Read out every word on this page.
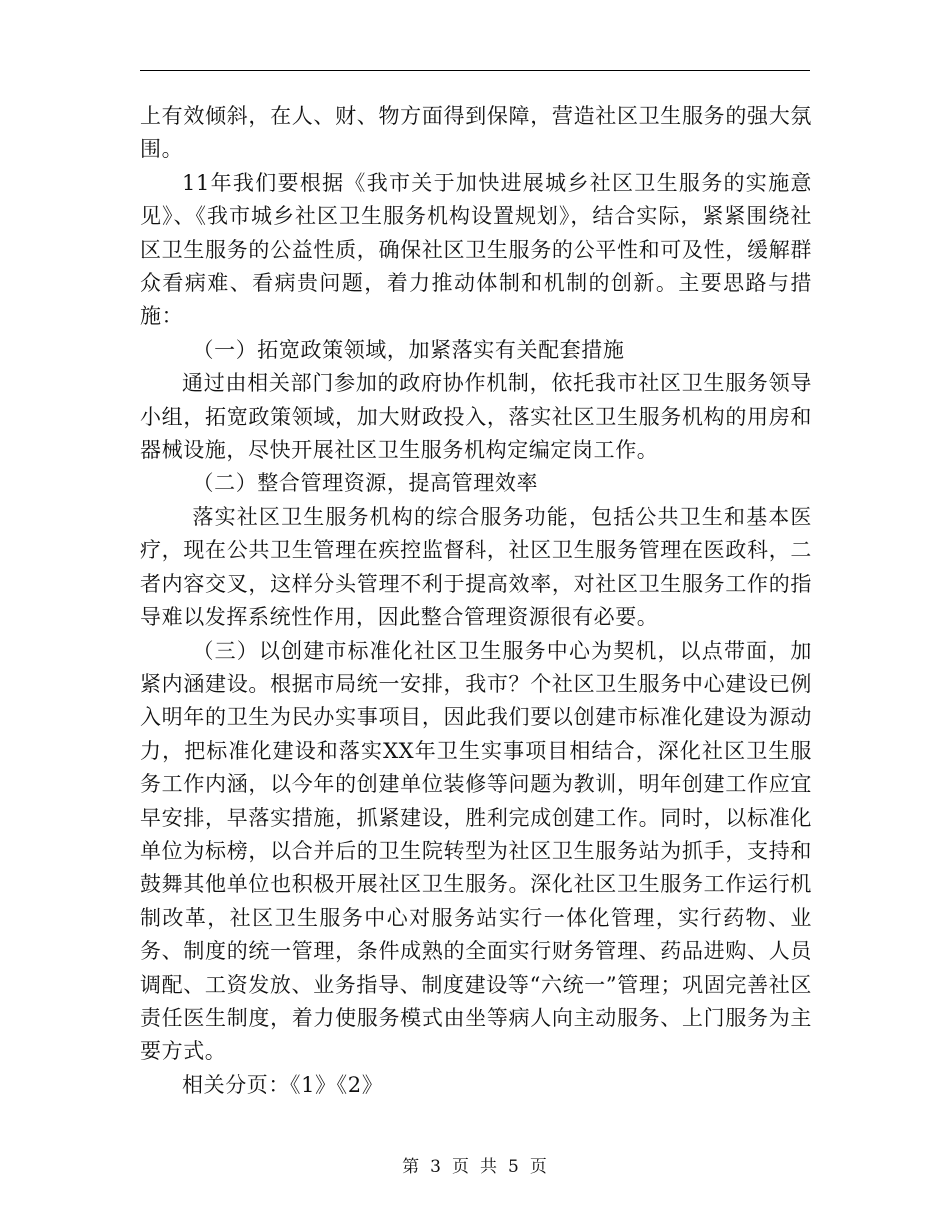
上有效倾斜，在人、财、物方面得到保障，营造社区卫生服务的强大氛围。

11年我们要根据《我市关于加快进展城乡社区卫生服务的实施意见》、《我市城乡社区卫生服务机构设置规划》，结合实际，紧紧围绕社区卫生服务的公益性质，确保社区卫生服务的公平性和可及性，缓解群众看病难、看病贵问题，着力推动体制和机制的创新。主要思路与措施：

（一）拓宽政策领域，加紧落实有关配套措施

通过由相关部门参加的政府协作机制，依托我市社区卫生服务领导小组，拓宽政策领域，加大财政投入，落实社区卫生服务机构的用房和器械设施，尽快开展社区卫生服务机构定编定岗工作。

（二）整合管理资源，提高管理效率

落实社区卫生服务机构的综合服务功能，包括公共卫生和基本医疗，现在公共卫生管理在疾控监督科，社区卫生服务管理在医政科，二者内容交叉，这样分头管理不利于提高效率，对社区卫生服务工作的指导难以发挥系统性作用，因此整合管理资源很有必要。

（三）以创建市标准化社区卫生服务中心为契机，以点带面，加紧内涵建设。根据市局统一安排，我市？个社区卫生服务中心建设已例入明年的卫生为民办实事项目，因此我们要以创建市标准化建设为源动力，把标准化建设和落实XX年卫生实事项目相结合，深化社区卫生服务工作内涵，以今年的创建单位装修等问题为教训，明年创建工作应宜早安排，早落实措施，抓紧建设，胜利完成创建工作。同时，以标准化单位为标榜，以合并后的卫生院转型为社区卫生服务站为抓手，支持和鼓舞其他单位也积极开展社区卫生服务。深化社区卫生服务工作运行机制改革，社区卫生服务中心对服务站实行一体化管理，实行药物、业务、制度的统一管理，条件成熟的全面实行财务管理、药品进购、人员调配、工资发放、业务指导、制度建设等“六统一”管理；巩固完善社区责任医生制度，着力使服务模式由坐等病人向主动服务、上门服务为主要方式。

相关分页：《1》《2》

第 3 页 共 5 页
